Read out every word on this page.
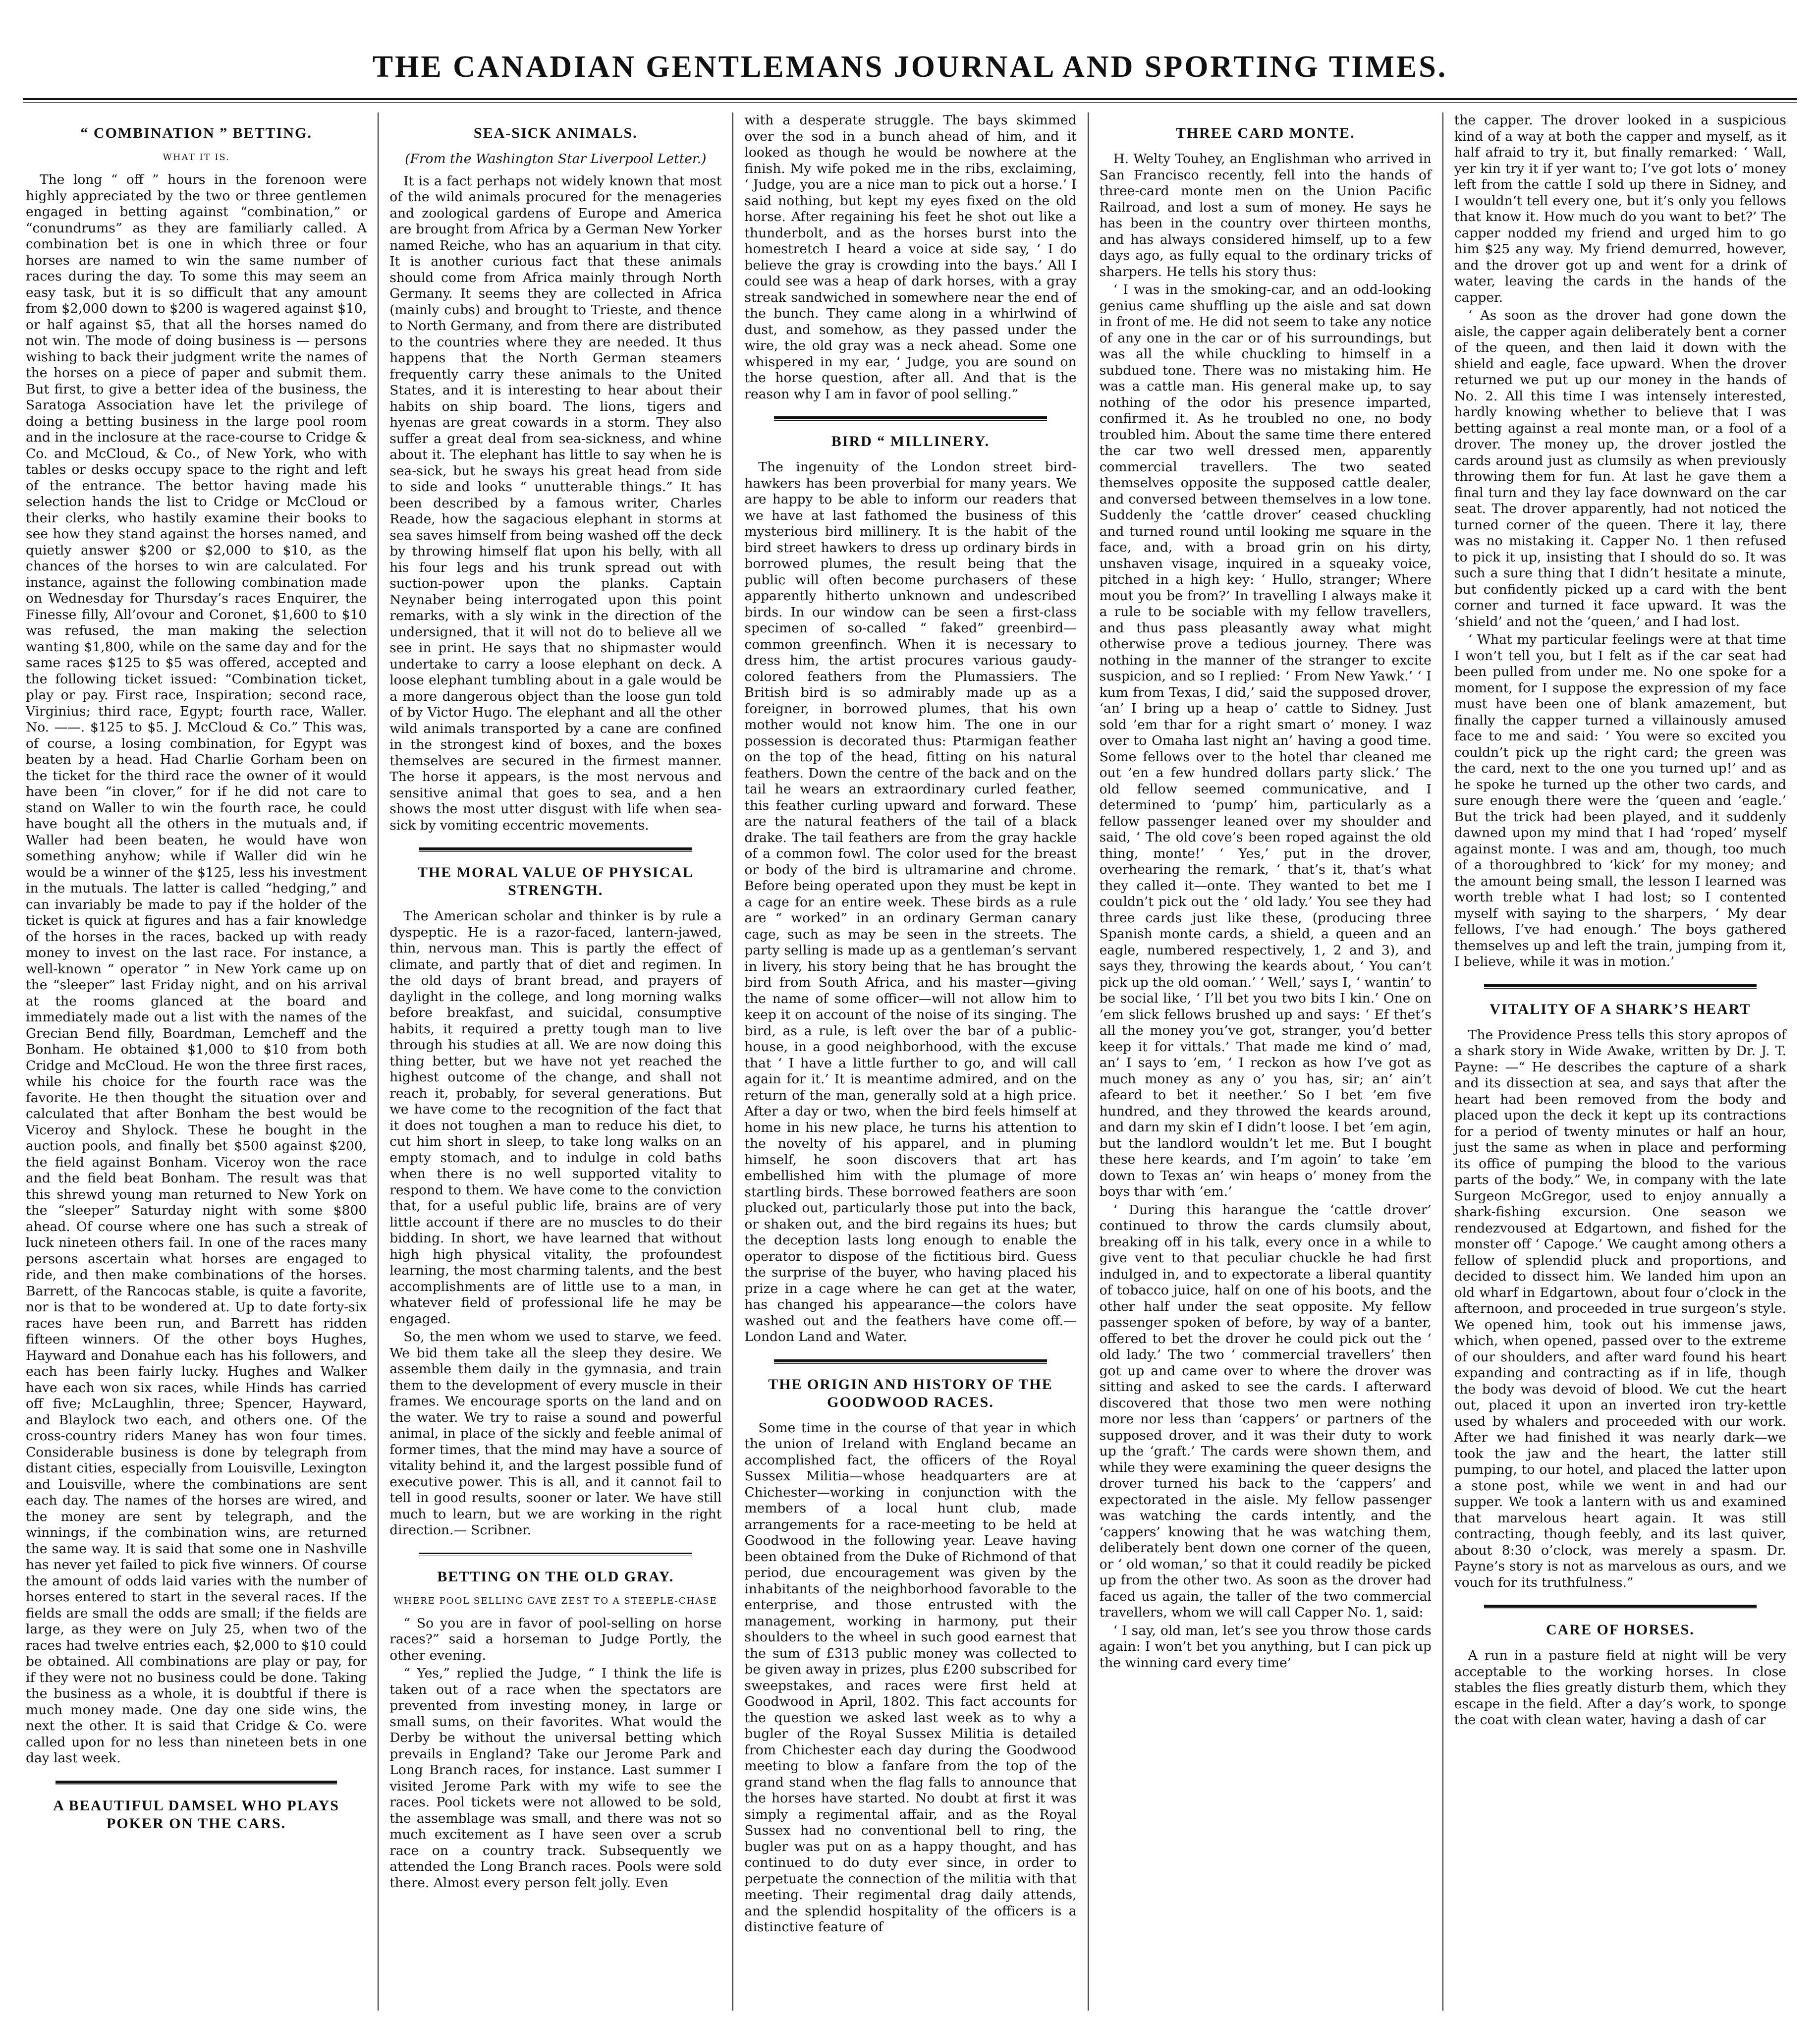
THE CANADIAN GENTLEMANS JOURNAL AND SPORTING TIMES.
“ COMBINATION ” BETTING.
WHAT IT IS.

The long “ off ” hours in the forenoon were highly appreciated by the two or three gentlemen engaged in betting against “combination,” or “conundrums” as they are familiarly called. A combination bet is one in which three or four horses are named to win the same number of races during the day. To some this may seem an easy task, but it is so difficult that any amount from $2,000 down to $200 is wagered against $10, or half against $5, that all the horses named do not win. The mode of doing business is — persons wishing to back their judgment write the names of the horses on a piece of paper and submit them. But first, to give a better idea of the business, the Saratoga Association have let the privilege of doing a betting business in the large pool room and in the inclosure at the race-course to Cridge & Co. and McCloud, & Co., of New York, who with tables or desks occupy space to the right and left of the entrance. The bettor having made his selection hands the list to Cridge or McCloud or their clerks, who hastily examine their books to see how they stand against the horses named, and quietly answer $200 or $2,000 to $10, as the chances of the horses to win are calculated. For instance, against the following combination made on Wednesday for Thursday’s races Enquirer, the Finesse filly, All’ovour and Coronet, $1,600 to $10 was refused, the man making the selection wanting $1,800, while on the same day and for the same races $125 to $5 was offered, accepted and the following ticket issued: “Combination ticket, play or pay. First race, Inspiration; second race, Virginius; third race, Egypt; fourth race, Waller. No. ——. $125 to $5. J. McCloud & Co.” This was, of course, a losing combination, for Egypt was beaten by a head. Had Charlie Gorham been on the ticket for the third race the owner of it would have been “in clover,” for if he did not care to stand on Waller to win the fourth race, he could have bought all the others in the mutuals and, if Waller had been beaten, he would have won something anyhow; while if Waller did win he would be a winner of the $125, less his investment in the mutuals. The latter is called “hedging,” and can invariably be made to pay if the holder of the ticket is quick at figures and has a fair knowledge of the horses in the races, backed up with ready money to invest on the last race. For instance, a well-known “ operator ” in New York came up on the “sleeper” last Friday night, and on his arrival at the rooms glanced at the board and immediately made out a list with the names of the Grecian Bend filly, Boardman, Lemcheff and the Bonham. He obtained $1,000 to $10 from both Cridge and McCloud. He won the three first races, while his choice for the fourth race was the favorite. He then thought the situation over and calculated that after Bonham the best would be Viceroy and Shylock. These he bought in the auction pools, and finally bet $500 against $200, the field against Bonham. Viceroy won the race and the field beat Bonham. The result was that this shrewd young man returned to New York on the “sleeper” Saturday night with some $800 ahead. Of course where one has such a streak of luck nineteen others fail. In one of the races many persons ascertain what horses are engaged to ride, and then make combinations of the horses. Barrett, of the Rancocas stable, is quite a favorite, nor is that to be wondered at. Up to date forty-six races have been run, and Barrett has ridden fifteen winners. Of the other boys Hughes, Hayward and Donahue each has his followers, and each has been fairly lucky. Hughes and Walker have each won six races, while Hinds has carried off five; McLaughlin, three; Spencer, Hayward, and Blaylock two each, and others one. Of the cross-country riders Maney has won four times. Considerable business is done by telegraph from distant cities, especially from Louisville, Lexington and Louisville, where the combinations are sent each day. The names of the horses are wired, and the money are sent by telegraph, and the winnings, if the combination wins, are returned the same way. It is said that some one in Nashville has never yet failed to pick five winners. Of course the amount of odds laid varies with the number of horses entered to start in the several races. If the fields are small the odds are small; if the fields are large, as they were on July 25, when two of the races had twelve entries each, $2,000 to $10 could be obtained. All combinations are play or pay, for if they were not no business could be done. Taking the business as a whole, it is doubtful if there is much money made. One day one side wins, the next the other. It is said that Cridge & Co. were called upon for no less than nineteen bets in one day last week.

A BEAUTIFUL DAMSEL WHO PLAYS POKER ON THE CARS.
SEA-SICK ANIMALS.
(From the Washington Star Liverpool Letter.)

It is a fact perhaps not widely known that most of the wild animals procured for the menageries and zoological gardens of Europe and America are brought from Africa by a German New Yorker named Reiche, who has an aquarium in that city. It is another curious fact that these animals should come from Africa mainly through North Germany. It seems they are collected in Africa (mainly cubs) and brought to Trieste, and thence to North Germany, and from there are distributed to the countries where they are needed. It thus happens that the North German steamers frequently carry these animals to the United States, and it is interesting to hear about their habits on ship board. The lions, tigers and hyenas are great cowards in a storm. They also suffer a great deal from sea-sickness, and whine about it. The elephant has little to say when he is sea-sick, but he sways his great head from side to side and looks “ unutterable things.” It has been described by a famous writer, Charles Reade, how the sagacious elephant in storms at sea saves himself from being washed off the deck by throwing himself flat upon his belly, with all his four legs and his trunk spread out with suction-power upon the planks. Captain Neynaber being interrogated upon this point remarks, with a sly wink in the direction of the undersigned, that it will not do to believe all we see in print. He says that no shipmaster would undertake to carry a loose elephant on deck. A loose elephant tumbling about in a gale would be a more dangerous object than the loose gun told of by Victor Hugo. The elephant and all the other wild animals transported by a cane are confined in the strongest kind of boxes, and the boxes themselves are secured in the firmest manner. The horse it appears, is the most nervous and sensitive animal that goes to sea, and a hen shows the most utter disgust with life when sea-sick by vomiting eccentric movements.

THE MORAL VALUE OF PHYSICAL STRENGTH.

The American scholar and thinker is by rule a dyspeptic. He is a razor-faced, lantern-jawed, thin, nervous man. This is partly the effect of climate, and partly that of diet and regimen. In the old days of brant bread, and prayers of daylight in the college, and long morning walks before breakfast, and suicidal, consumptive habits, it required a pretty tough man to live through his studies at all. We are now doing this thing better, but we have not yet reached the highest outcome of the change, and shall not reach it, probably, for several generations. But we have come to the recognition of the fact that it does not toughen a man to reduce his diet, to cut him short in sleep, to take long walks on an empty stomach, and to indulge in cold baths when there is no well supported vitality to respond to them. We have come to the conviction that, for a useful public life, brains are of very little account if there are no muscles to do their bidding. In short, we have learned that without high high physical vitality, the profoundest learning, the most charming talents, and the best accomplishments are of little use to a man, in whatever field of professional life he may be engaged.

So, the men whom we used to starve, we feed. We bid them take all the sleep they desire. We assemble them daily in the gymnasia, and train them to the development of every muscle in their frames. We encourage sports on the land and on the water. We try to raise a sound and powerful animal, in place of the sickly and feeble animal of former times, that the mind may have a source of vitality behind it, and the largest possible fund of executive power. This is all, and it cannot fail to tell in good results, sooner or later. We have still much to learn, but we are working in the right direction.— Scribner.

BETTING ON THE OLD GRAY.
WHERE POOL SELLING GAVE ZEST TO A STEEPLE-CHASE

“ So you are in favor of pool-selling on horse races?” said a horseman to Judge Portly, the other evening.

“ Yes,” replied the Judge, “ I think the life is taken out of a race when the spectators are prevented from investing money, in large or small sums, on their favorites. What would the Derby be without the universal betting which prevails in England? Take our Jerome Park and Long Branch races, for instance. Last summer I visited Jerome Park with my wife to see the races. Pool tickets were not allowed to be sold, the assemblage was small, and there was not so much excitement as I have seen over a scrub race on a country track. Subsequently we attended the Long Branch races. Pools were sold there. Almost every person felt jolly. Even

with a desperate struggle. The bays skimmed over the sod in a bunch ahead of him, and it looked as though he would be nowhere at the finish. My wife poked me in the ribs, exclaiming, ‘ Judge, you are a nice man to pick out a horse.’ I said nothing, but kept my eyes fixed on the old horse. After regaining his feet he shot out like a thunderbolt, and as the horses burst into the homestretch I heard a voice at side say, ‘ I do believe the gray is crowding into the bays.’ All I could see was a heap of dark horses, with a gray streak sandwiched in somewhere near the end of the bunch. They came along in a whirlwind of dust, and somehow, as they passed under the wire, the old gray was a neck ahead. Some one whispered in my ear, ‘ Judge, you are sound on the horse question, after all. And that is the reason why I am in favor of pool selling.”

BIRD “ MILLINERY.

The ingenuity of the London street bird-hawkers has been proverbial for many years. We are happy to be able to inform our readers that we have at last fathomed the business of this mysterious bird millinery. It is the habit of the bird street hawkers to dress up ordinary birds in borrowed plumes, the result being that the public will often become purchasers of these apparently hitherto unknown and undescribed birds. In our window can be seen a first-class specimen of so-called “ faked” greenbird—common greenfinch. When it is necessary to dress him, the artist procures various gaudy-colored feathers from the Plumassiers. The British bird is so admirably made up as a foreigner, in borrowed plumes, that his own mother would not know him. The one in our possession is decorated thus: Ptarmigan feather on the top of the head, fitting on his natural feathers. Down the centre of the back and on the tail he wears an extraordinary curled feather, this feather curling upward and forward. These are the natural feathers of the tail of a black drake. The tail feathers are from the gray hackle of a common fowl. The color used for the breast or body of the bird is ultramarine and chrome. Before being operated upon they must be kept in a cage for an entire week. These birds as a rule are “ worked” in an ordinary German canary cage, such as may be seen in the streets. The party selling is made up as a gentleman’s servant in livery, his story being that he has brought the bird from South Africa, and his master—giving the name of some officer—will not allow him to keep it on account of the noise of its singing. The bird, as a rule, is left over the bar of a public-house, in a good neighborhood, with the excuse that ‘ I have a little further to go, and will call again for it.’ It is meantime admired, and on the return of the man, generally sold at a high price. After a day or two, when the bird feels himself at home in his new place, he turns his attention to the novelty of his apparel, and in pluming himself, he soon discovers that art has embellished him with the plumage of more startling birds. These borrowed feathers are soon plucked out, particularly those put into the back, or shaken out, and the bird regains its hues; but the deception lasts long enough to enable the operator to dispose of the fictitious bird. Guess the surprise of the buyer, who having placed his prize in a cage where he can get at the water, has changed his appearance—the colors have washed out and the feathers have come off.—London Land and Water.

THE ORIGIN AND HISTORY OF THE GOODWOOD RACES.

Some time in the course of that year in which the union of Ireland with England became an accomplished fact, the officers of the Royal Sussex Militia—whose headquarters are at Chichester—working in conjunction with the members of a local hunt club, made arrangements for a race-meeting to be held at Goodwood in the following year. Leave having been obtained from the Duke of Richmond of that period, due encouragement was given by the inhabitants of the neighborhood favorable to the enterprise, and those entrusted with the management, working in harmony, put their shoulders to the wheel in such good earnest that the sum of £313 public money was collected to be given away in prizes, plus £200 subscribed for sweepstakes, and races were first held at Goodwood in April, 1802. This fact accounts for the question we asked last week as to why a bugler of the Royal Sussex Militia is detailed from Chichester each day during the Goodwood meeting to blow a fanfare from the top of the grand stand when the flag falls to announce that the horses have started. No doubt at first it was simply a regimental affair, and as the Royal Sussex had no conventional bell to ring, the bugler was put on as a happy thought, and has continued to do duty ever since, in order to perpetuate the connection of the militia with that meeting. Their regimental drag daily attends, and the splendid hospitality of the officers is a distinctive feature of

THREE CARD MONTE.

H. Welty Touhey, an Englishman who arrived in San Francisco recently, fell into the hands of three-card monte men on the Union Pacific Railroad, and lost a sum of money. He says he has been in the country over thirteen months, and has always considered himself, up to a few days ago, as fully equal to the ordinary tricks of sharpers. He tells his story thus:

‘ I was in the smoking-car, and an odd-looking genius came shuffling up the aisle and sat down in front of me. He did not seem to take any notice of any one in the car or of his surroundings, but was all the while chuckling to himself in a subdued tone. There was no mistaking him. He was a cattle man. His general make up, to say nothing of the odor his presence imparted, confirmed it. As he troubled no one, no body troubled him. About the same time there entered the car two well dressed men, apparently commercial travellers. The two seated themselves opposite the supposed cattle dealer, and conversed between themselves in a low tone. Suddenly the ‘cattle drover’ ceased chuckling and turned round until looking me square in the face, and, with a broad grin on his dirty, unshaven visage, inquired in a squeaky voice, pitched in a high key: ‘ Hullo, stranger; Where mout you be from?’ In travelling I always make it a rule to be sociable with my fellow travellers, and thus pass pleasantly away what might otherwise prove a tedious journey. There was nothing in the manner of the stranger to excite suspicion, and so I replied: ‘ From New Yawk.’ ‘ I kum from Texas, I did,’ said the supposed drover, ‘an’ I bring up a heap o’ cattle to Sidney. Just sold ’em thar for a right smart o’ money. I waz over to Omaha last night an’ having a good time. Some fellows over to the hotel thar cleaned me out ’en a few hundred dollars party slick.’ The old fellow seemed communicative, and I determined to ‘pump’ him, particularly as a fellow passenger leaned over my shoulder and said, ‘ The old cove’s been roped against the old thing, monte!’ ‘ Yes,’ put in the drover, overhearing the remark, ‘ that’s it, that’s what they called it—onte. They wanted to bet me I couldn’t pick out the ‘ old lady.’ You see they had three cards just like these, (producing three Spanish monte cards, a shield, a queen and an eagle, numbered respectively, 1, 2 and 3), and says they, throwing the keards about, ‘ You can’t pick up the old ooman.’ ‘ Well,’ says I, ‘ wantin’ to be social like, ‘ I’ll bet you two bits I kin.’ One on ’em slick fellows brushed up and says: ‘ Ef thet’s all the money you’ve got, stranger, you’d better keep it for vittals.’ That made me kind o’ mad, an’ I says to ’em, ‘ I reckon as how I’ve got as much money as any o’ you has, sir; an’ ain’t afeard to bet it neether.’ So I bet ’em five hundred, and they throwed the keards around, and darn my skin ef I didn’t loose. I bet ’em agin, but the landlord wouldn’t let me. But I bought these here keards, and I’m agoin’ to take ’em down to Texas an’ win heaps o’ money from the boys thar with ’em.’

‘ During this harangue the ‘cattle drover’ continued to throw the cards clumsily about, breaking off in his talk, every once in a while to give vent to that peculiar chuckle he had first indulged in, and to expectorate a liberal quantity of tobacco juice, half on one of his boots, and the other half under the seat opposite. My fellow passenger spoken of before, by way of a banter, offered to bet the drover he could pick out the ‘ old lady.’ The two ‘ commercial travellers’ then got up and came over to where the drover was sitting and asked to see the cards. I afterward discovered that those two men were nothing more nor less than ‘cappers’ or partners of the supposed drover, and it was their duty to work up the ‘graft.’ The cards were shown them, and while they were examining the queer designs the drover turned his back to the ‘cappers’ and expectorated in the aisle. My fellow passenger was watching the cards intently, and the ‘cappers’ knowing that he was watching them, deliberately bent down one corner of the queen, or ‘ old woman,’ so that it could readily be picked up from the other two. As soon as the drover had faced us again, the taller of the two commercial travellers, whom we will call Capper No. 1, said:

‘ I say, old man, let’s see you throw those cards again: I won’t bet you anything, but I can pick up the winning card every time’

the capper. The drover looked in a suspicious kind of a way at both the capper and myself, as it half afraid to try it, but finally remarked: ‘ Wall, yer kin try it if yer want to; I’ve got lots o’ money left from the cattle I sold up there in Sidney, and I wouldn’t tell every one, but it’s only you fellows that know it. How much do you want to bet?’ The capper nodded my friend and urged him to go him $25 any way. My friend demurred, however, and the drover got up and went for a drink of water, leaving the cards in the hands of the capper.

‘ As soon as the drover had gone down the aisle, the capper again deliberately bent a corner of the queen, and then laid it down with the shield and eagle, face upward. When the drover returned we put up our money in the hands of No. 2. All this time I was intensely interested, hardly knowing whether to believe that I was betting against a real monte man, or a fool of a drover. The money up, the drover jostled the cards around just as clumsily as when previously throwing them for fun. At last he gave them a final turn and they lay face downward on the car seat. The drover apparently, had not noticed the turned corner of the queen. There it lay, there was no mistaking it. Capper No. 1 then refused to pick it up, insisting that I should do so. It was such a sure thing that I didn’t hesitate a minute, but confidently picked up a card with the bent corner and turned it face upward. It was the ‘shield’ and not the ‘queen,’ and I had lost.

‘ What my particular feelings were at that time I won’t tell you, but I felt as if the car seat had been pulled from under me. No one spoke for a moment, for I suppose the expression of my face must have been one of blank amazement, but finally the capper turned a villainously amused face to me and said: ‘ You were so excited you couldn’t pick up the right card; the green was the card, next to the one you turned up!’ and as he spoke he turned up the other two cards, and sure enough there were the ‘queen and ‘eagle.’ But the trick had been played, and it suddenly dawned upon my mind that I had ‘roped’ myself against monte. I was and am, though, too much of a thoroughbred to ‘kick’ for my money; and the amount being small, the lesson I learned was worth treble what I had lost; so I contented myself with saying to the sharpers, ‘ My dear fellows, I’ve had enough.’ The boys gathered themselves up and left the train, jumping from it, I believe, while it was in motion.’

VITALITY OF A SHARK’S HEART

The Providence Press tells this story apropos of a shark story in Wide Awake, written by Dr. J. T. Payne: —“ He describes the capture of a shark and its dissection at sea, and says that after the heart had been removed from the body and placed upon the deck it kept up its contractions for a period of twenty minutes or half an hour, just the same as when in place and performing its office of pumping the blood to the various parts of the body.” We, in company with the late Surgeon McGregor, used to enjoy annually a shark-fishing excursion. One season we rendezvoused at Edgartown, and fished for the monster off ‘ Capoge.’ We caught among others a fellow of splendid pluck and proportions, and decided to dissect him. We landed him upon an old wharf in Edgartown, about four o’clock in the afternoon, and proceeded in true surgeon’s style. We opened him, took out his immense jaws, which, when opened, passed over to the extreme of our shoulders, and after ward found his heart expanding and contracting as if in life, though the body was devoid of blood. We cut the heart out, placed it upon an inverted iron try-kettle used by whalers and proceeded with our work. After we had finished it was nearly dark—we took the jaw and the heart, the latter still pumping, to our hotel, and placed the latter upon a stone post, while we went in and had our supper. We took a lantern with us and examined that marvelous heart again. It was still contracting, though feebly, and its last quiver, about 8:30 o’clock, was merely a spasm. Dr. Payne’s story is not as marvelous as ours, and we vouch for its truthfulness.”

CARE OF HORSES.

A run in a pasture field at night will be very acceptable to the working horses. In close stables the flies greatly disturb them, which they escape in the field. After a day’s work, to sponge the coat with clean water, having a dash of car
